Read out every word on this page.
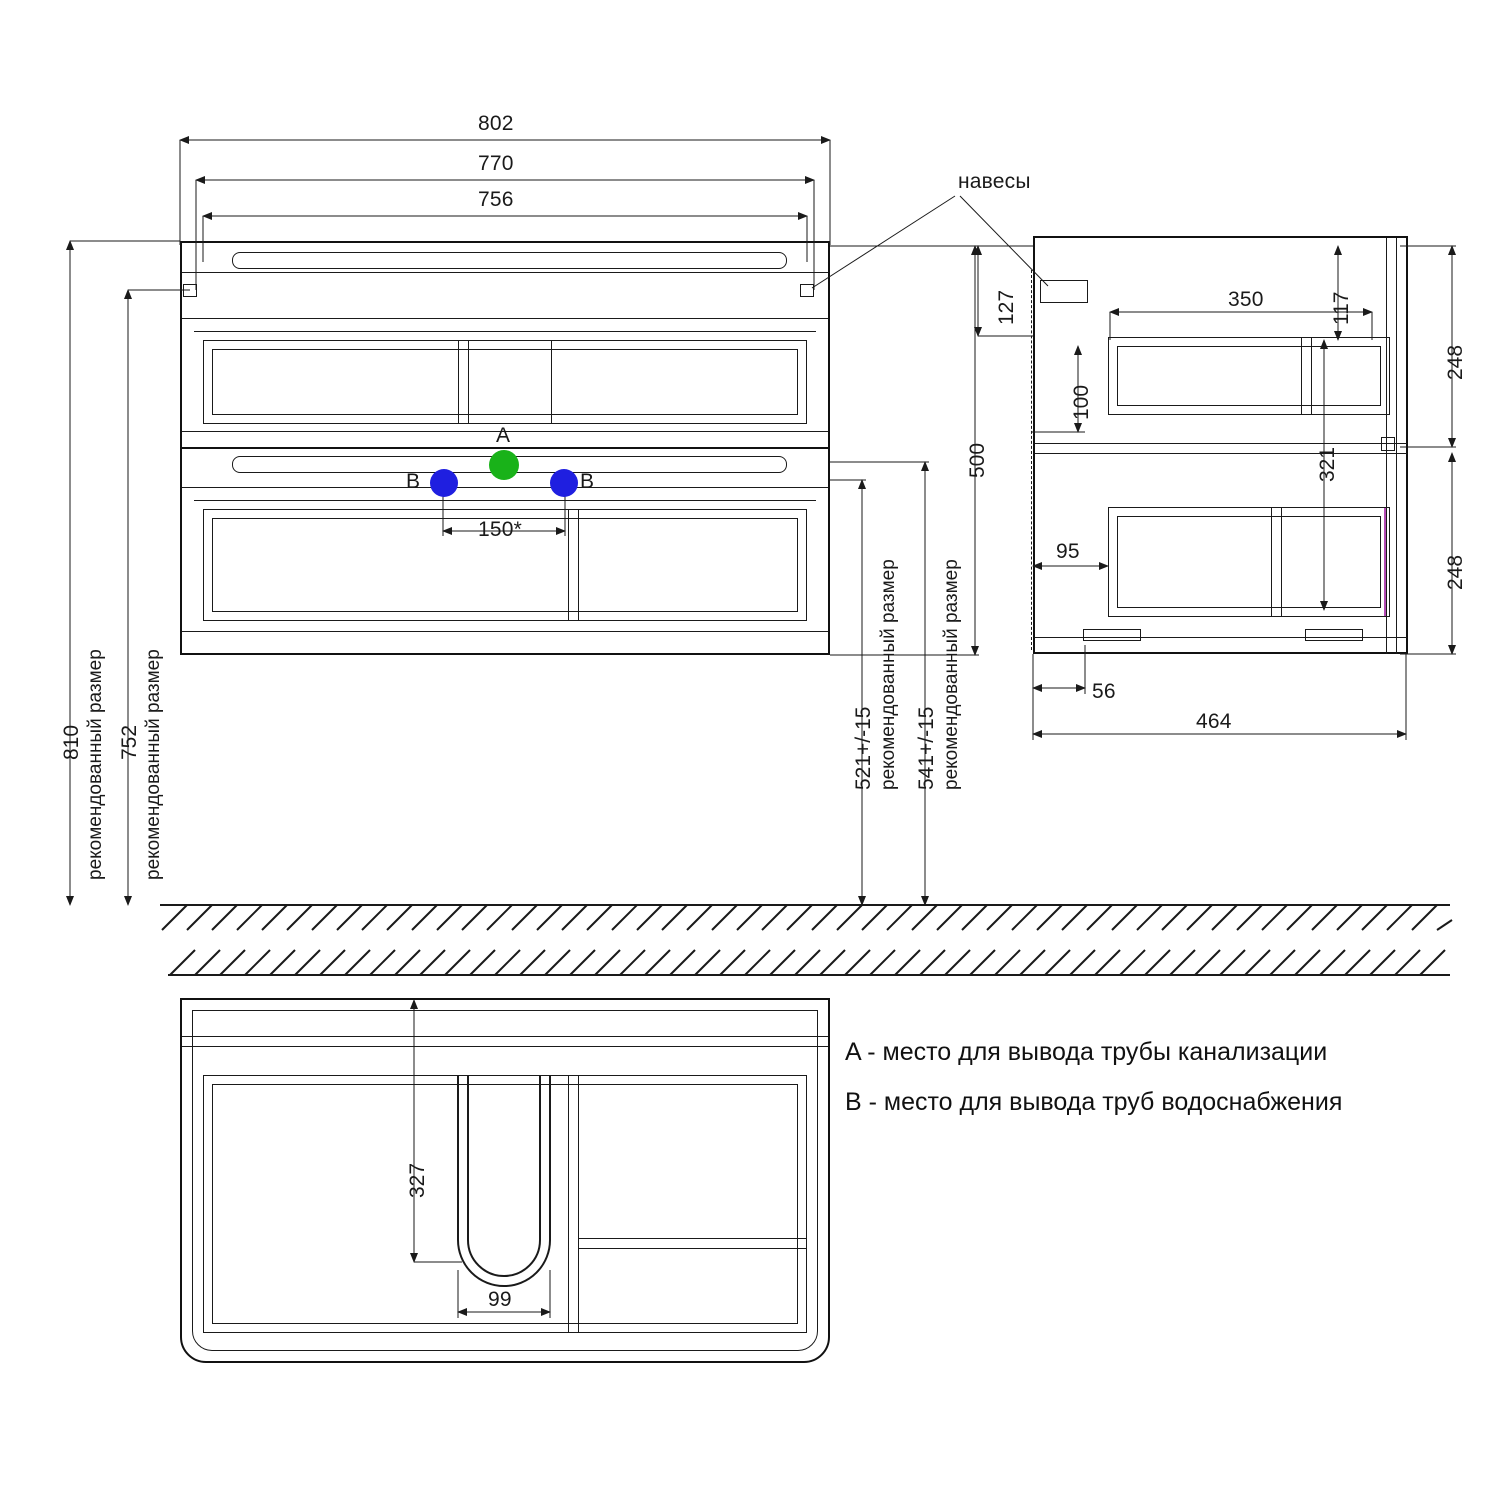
802
770
756
810 рекомендованный размер 752 рекомендованный размер	521+/-15 рекомендованный размер 541+/-15 рекомендованный размер
500
150*
A
B	B
навесы
127
100
350	117
248
321
248
95
56
464
327
99
A - место для вывода трубы канализации
B - место для вывода труб водоснабжения
